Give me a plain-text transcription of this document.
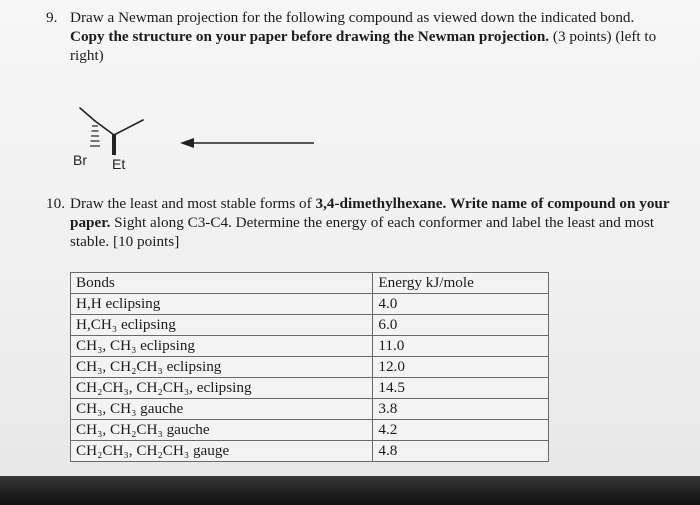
9. Draw a Newman projection for the following compound as viewed down the indicated bond. Copy the structure on your paper before drawing the Newman projection. (3 points) (left to right)
Br Et
10. Draw the least and most stable forms of 3,4-dimethylhexane. Write name of compound on your paper. Sight along C3-C4. Determine the energy of each conformer and label the least and most stable. [10 points]
Bonds	Energy kJ/mole
H,H eclipsing	4.0
H,CH₃ eclipsing	6.0
CH₃, CH₃ eclipsing	11.0
CH₃, CH₂CH₃ eclipsing	12.0
CH₂CH₃, CH₂CH₃, eclipsing	14.5
CH₃, CH₃ gauche	3.8
CH₃, CH₂CH₃ gauche	4.2
CH₂CH₃, CH₂CH₃ gauge	4.8
